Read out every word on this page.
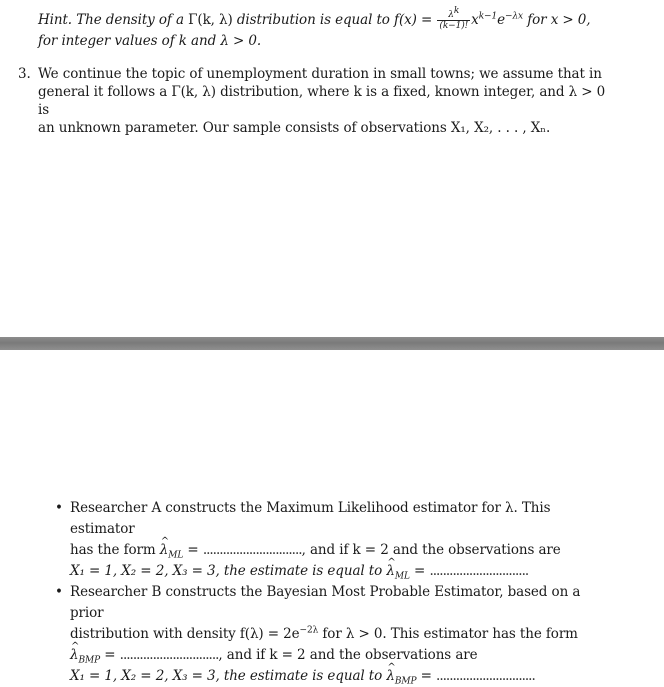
Hint. The density of a Γ(k, λ) distribution is equal to $f(x) = \frac{\lambda^k}{(k-1)!} x^{k-1}e^{-\lambda x}$ for x > 0,
for integer values of k and λ > 0.
3. We continue the topic of unemployment duration in small towns; we assume that in
general it follows a Γ(k, λ) distribution, where k is a fixed, known integer, and λ > 0 is
an unknown parameter. Our sample consists of observations X₁, X₂, . . . , Xₙ.
• Researcher A constructs the Maximum Likelihood estimator for λ. This estimator
has the form ^ $\lambda_{ML}$ = .............................., and if k = 2 and the observations are
X₁ = 1, X₂ = 2, X₃ = 3, the estimate is equal to ^ $\lambda_{ML}$ = ..............................
• Researcher B constructs the Bayesian Most Probable Estimator, based on a prior
distribution with density $f(\lambda) = 2e^{-2\lambda}$ for λ > 0. This estimator has the form
^ $\lambda_{BMP}$ = .............................., and if k = 2 and the observations are
X₁ = 1, X₂ = 2, X₃ = 3, the estimate is equal to ^ $\lambda_{BMP}$ = ..............................
